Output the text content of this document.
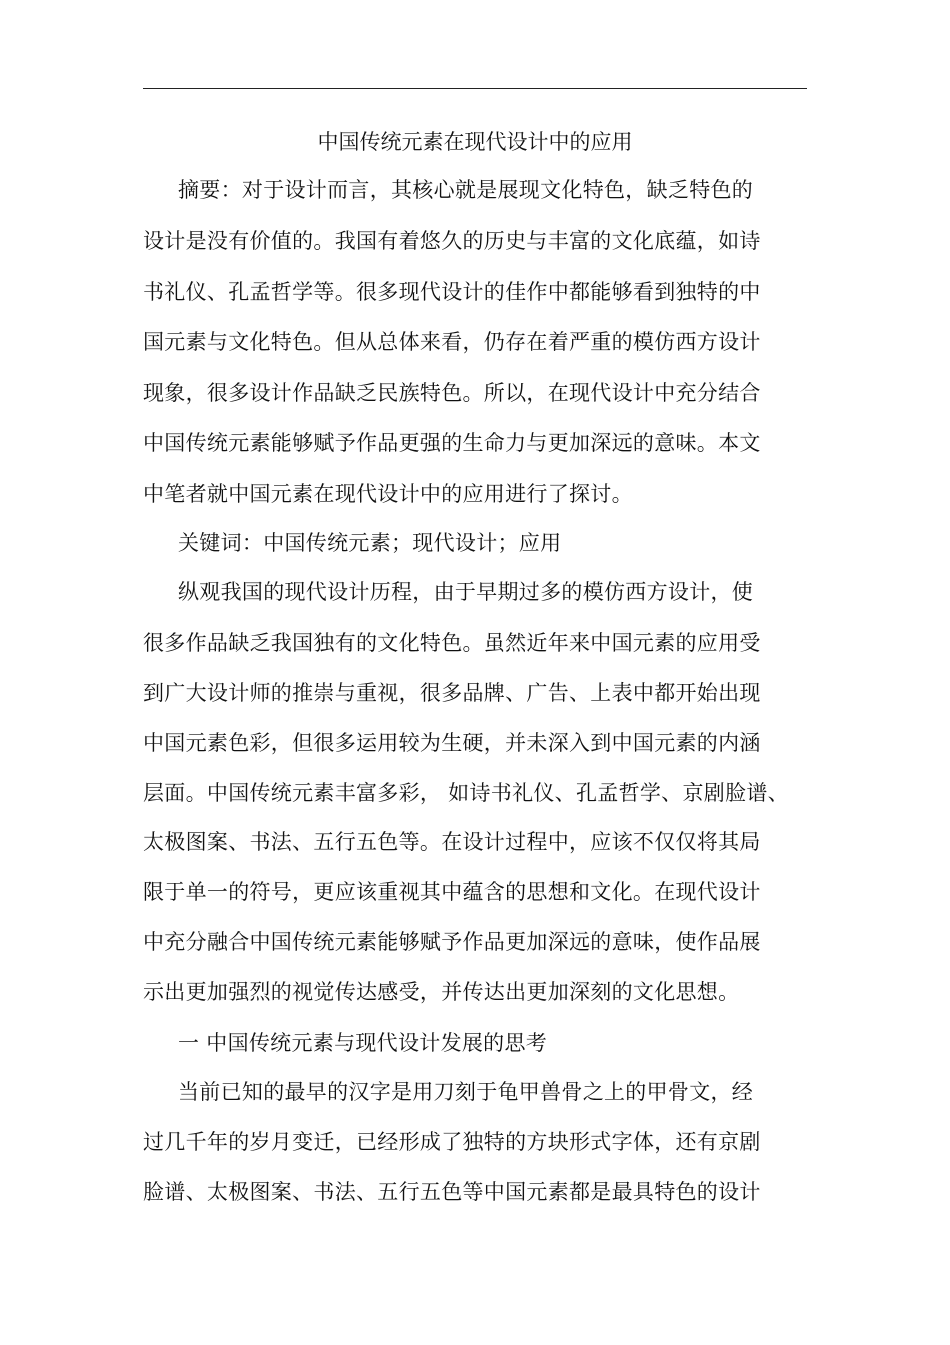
中国传统元素在现代设计中的应用
摘要：对于设计而言，其核心就是展现文化特色，缺乏特色的
设计是没有价值的。我国有着悠久的历史与丰富的文化底蕴，如诗
书礼仪、孔孟哲学等。很多现代设计的佳作中都能够看到独特的中
国元素与文化特色。但从总体来看，仍存在着严重的模仿西方设计
现象，很多设计作品缺乏民族特色。所以，在现代设计中充分结合
中国传统元素能够赋予作品更强的生命力与更加深远的意味。本文
中笔者就中国元素在现代设计中的应用进行了探讨。
关键词：中国传统元素；现代设计；应用
纵观我国的现代设计历程，由于早期过多的模仿西方设计，使
很多作品缺乏我国独有的文化特色。虽然近年来中国元素的应用受
到广大设计师的推崇与重视，很多品牌、广告、上表中都开始出现
中国元素色彩，但很多运用较为生硬，并未深入到中国元素的内涵
层面。中国传统元素丰富多彩， 如诗书礼仪、孔孟哲学、京剧脸谱、
太极图案、书法、五行五色等。在设计过程中，应该不仅仅将其局
限于单一的符号，更应该重视其中蕴含的思想和文化。在现代设计
中充分融合中国传统元素能够赋予作品更加深远的意味，使作品展
示出更加强烈的视觉传达感受，并传达出更加深刻的文化思想。
一 中国传统元素与现代设计发展的思考
当前已知的最早的汉字是用刀刻于龟甲兽骨之上的甲骨文，经
过几千年的岁月变迁，已经形成了独特的方块形式字体，还有京剧
脸谱、太极图案、书法、五行五色等中国元素都是最具特色的设计
